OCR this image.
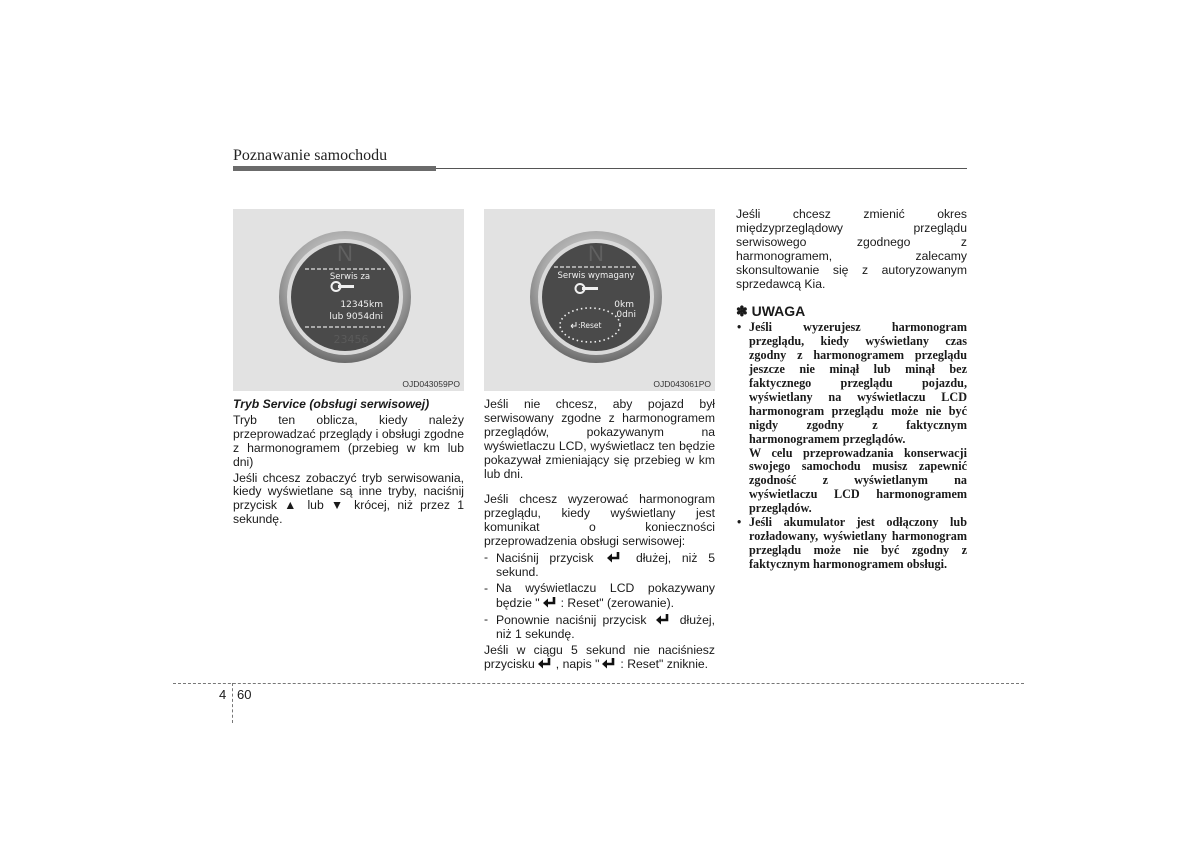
Poznawanie samochodu
N
Serwis za
12345km
lub 9054dni
23456
OJD043059PO
N
Serwis wymagany
0km
0dni
:Reset
OJD043061PO

Tryb Service (obsługi serwisowej)

Tryb ten oblicza, kiedy należy przeprowadzać przeglądy i obsługi zgodne z harmonogramem (przebieg w km lub dni)

Jeśli chcesz zobaczyć tryb serwisowania, kiedy wyświetlane są inne tryby, naciśnij przycisk ▲ lub ▼ krócej, niż przez 1 sekundę.

Jeśli nie chcesz, aby pojazd był serwisowany zgodne z harmonogramem przeglądów, pokazywanym na wyświetlaczu LCD, wyświetlacz ten będzie pokazywał zmieniający się przebieg w km lub dni.

Jeśli chcesz wyzerować harmonogram przeglądu, kiedy wyświetlany jest komunikat o konieczności przeprowadzenia obsługi serwisowej:

- Naciśnij przycisk	dłużej, niż 5 sekund.
- Na wyświetlaczu LCD pokazywany będzie " : Reset" (zerowanie).
- Ponownie naciśnij przycisk	dłużej, niż 1 sekundę.

Jeśli w ciągu 5 sekund nie naciśniesz przycisku , napis " : Reset" zniknie.

Jeśli chcesz zmienić okres międzyprzeglądowy przeglądu serwisowego zgodnego z harmonogramem, zalecamy skonsultowanie się z autoryzowanym sprzedawcą Kia.

✽ UWAGA
• Jeśli wyzerujesz harmonogram przeglądu, kiedy wyświetlany czas zgodny z harmonogramem przeglądu jeszcze nie minął lub minął bez faktycznego przeglądu pojazdu, wyświetlany na wyświetlaczu LCD harmonogram przeglądu może nie być nigdy zgodny z faktycznym harmonogramem przeglądów.
W celu przeprowadzania konserwacji swojego samochodu musisz zapewnić zgodność z wyświetlanym na wyświetlaczu LCD harmonogramem przeglądów.
• Jeśli akumulator jest odłączony lub rozładowany, wyświetlany harmonogram przeglądu może nie być zgodny z faktycznym harmonogramem obsługi.
4 60
